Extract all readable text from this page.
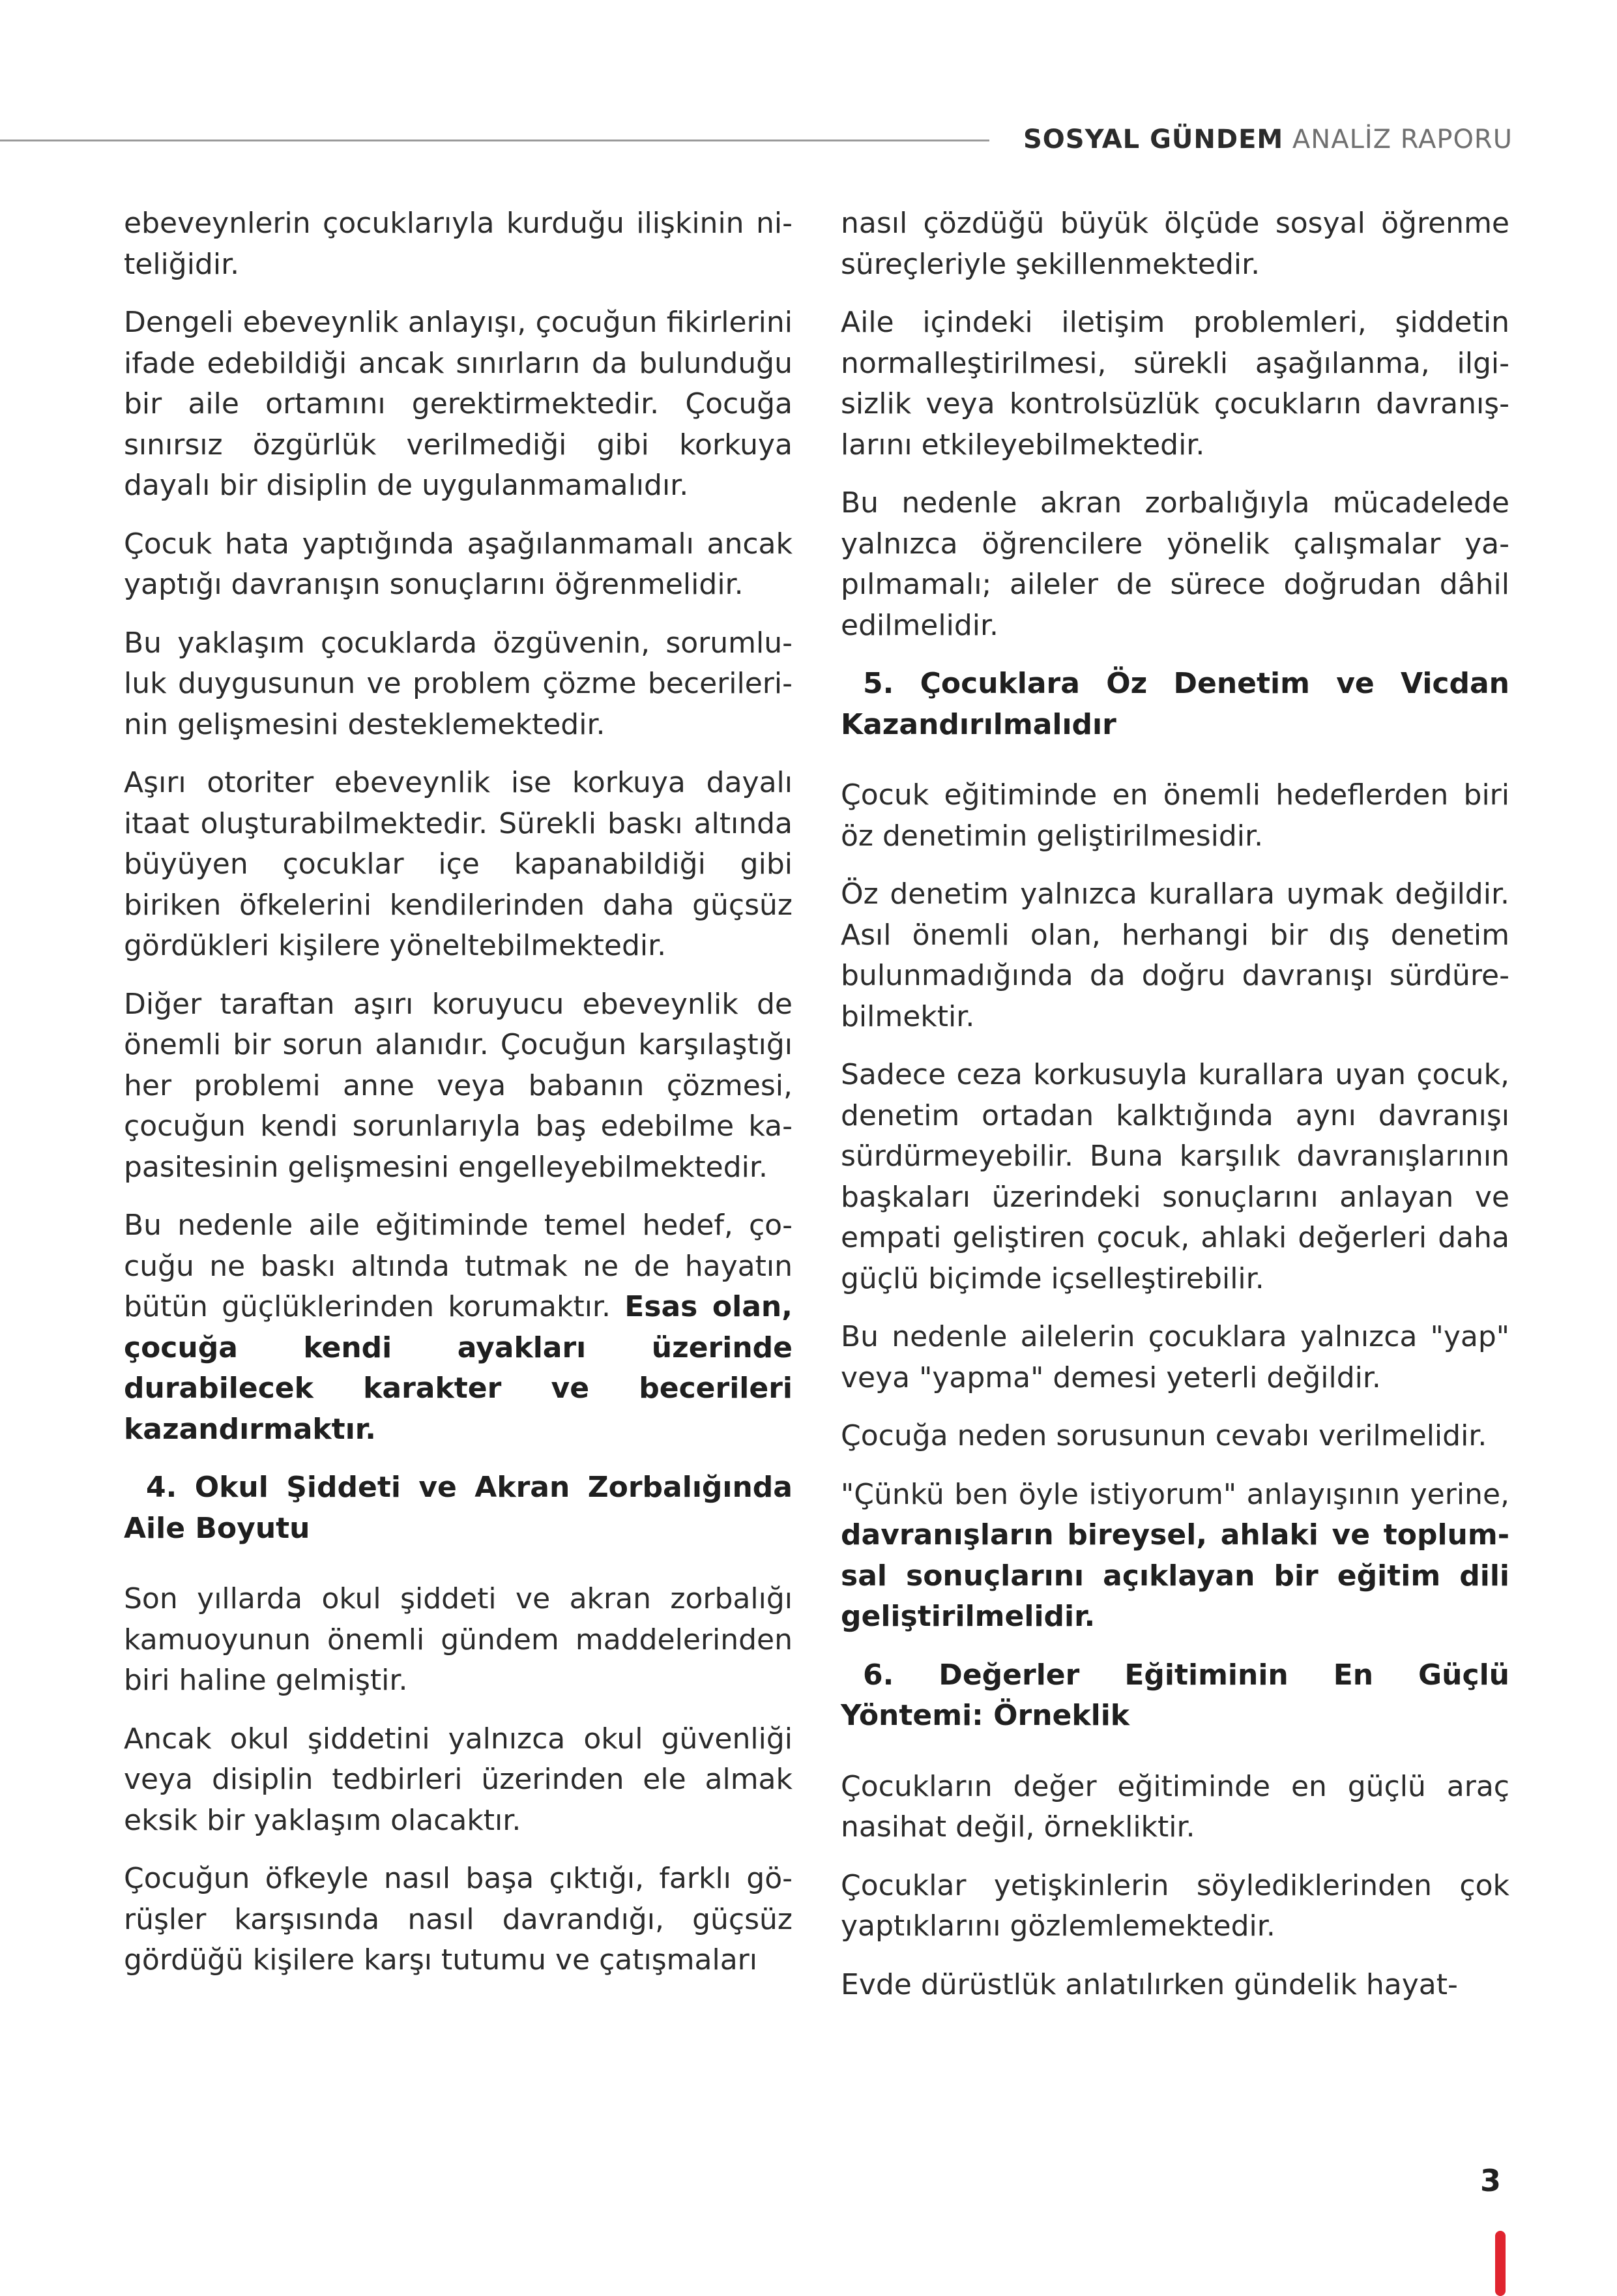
SOSYAL GÜNDEM ANALİZ RAPORU

ebeveynlerin çocuklarıyla kurduğu ilişkinin niteliğidir.

Dengeli ebeveynlik anlayışı, çocuğun fikirlerini ifade edebildiği ancak sınırların da bulunduğu bir aile ortamını gerektirmektedir. Çocuğa sınırsız özgürlük verilmediği gibi korkuya dayalı bir disiplin de uygulanmamalıdır.

Çocuk hata yaptığında aşağılanmamalı ancak yaptığı davranışın sonuçlarını öğrenmelidir.

Bu yaklaşım çocuklarda özgüvenin, sorumluluk duygusunun ve problem çözme becerilerinin gelişmesini desteklemektedir.

Aşırı otoriter ebeveynlik ise korkuya dayalı itaat oluşturabilmektedir. Sürekli baskı altında büyüyen çocuklar içe kapanabildiği gibi biriken öfkelerini kendilerinden daha güçsüz gördükleri kişilere yöneltebilmektedir.

Diğer taraftan aşırı koruyucu ebeveynlik de önemli bir sorun alanıdır. Çocuğun karşılaştığı her problemi anne veya babanın çözmesi, çocuğun kendi sorunlarıyla baş edebilme kapasitesinin gelişmesini engelleyebilmektedir.

Bu nedenle aile eğitiminde temel hedef, çocuğu ne baskı altında tutmak ne de hayatın bütün güçlüklerinden korumaktır. Esas olan, çocuğa kendi ayakları üzerinde durabilecek karakter ve becerileri kazandırmaktır.

4. Okul Şiddeti ve Akran Zorbalığında Aile Boyutu

Son yıllarda okul şiddeti ve akran zorbalığı kamuoyunun önemli gündem maddelerinden biri haline gelmiştir.

Ancak okul şiddetini yalnızca okul güvenliği veya disiplin tedbirleri üzerinden ele almak eksik bir yaklaşım olacaktır.

Çocuğun öfkeyle nasıl başa çıktığı, farklı görüşler karşısında nasıl davrandığı, güçsüz gördüğü kişilere karşı tutumu ve çatışmaları

nasıl çözdüğü büyük ölçüde sosyal öğrenme süreçleriyle şekillenmektedir.

Aile içindeki iletişim problemleri, şiddetin normalleştirilmesi, sürekli aşağılanma, ilgisizlik veya kontrolsüzlük çocukların davranışlarını etkileyebilmektedir.

Bu nedenle akran zorbalığıyla mücadelede yalnızca öğrencilere yönelik çalışmalar yapılmamalı; aileler de sürece doğrudan dâhil edilmelidir.

5. Çocuklara Öz Denetim ve Vicdan Kazandırılmalıdır

Çocuk eğitiminde en önemli hedeflerden biri öz denetimin geliştirilmesidir.

Öz denetim yalnızca kurallara uymak değildir. Asıl önemli olan, herhangi bir dış denetim bulunmadığında da doğru davranışı sürdürebilmektir.

Sadece ceza korkusuyla kurallara uyan çocuk, denetim ortadan kalktığında aynı davranışı sürdürmeyebilir. Buna karşılık davranışlarının başkaları üzerindeki sonuçlarını anlayan ve empati geliştiren çocuk, ahlaki değerleri daha güçlü biçimde içselleştirebilir.

Bu nedenle ailelerin çocuklara yalnızca "yap" veya "yapma" demesi yeterli değildir.

Çocuğa neden sorusunun cevabı verilmelidir.

"Çünkü ben öyle istiyorum" anlayışının yerine, davranışların bireysel, ahlaki ve toplumsal sonuçlarını açıklayan bir eğitim dili geliştirilmelidir.

6. Değerler Eğitiminin En Güçlü Yöntemi: Örneklik

Çocukların değer eğitiminde en güçlü araç nasihat değil, örnekliktir.

Çocuklar yetişkinlerin söylediklerinden çok yaptıklarını gözlemlemektedir.

Evde dürüstlük anlatılırken gündelik hayat-

3
